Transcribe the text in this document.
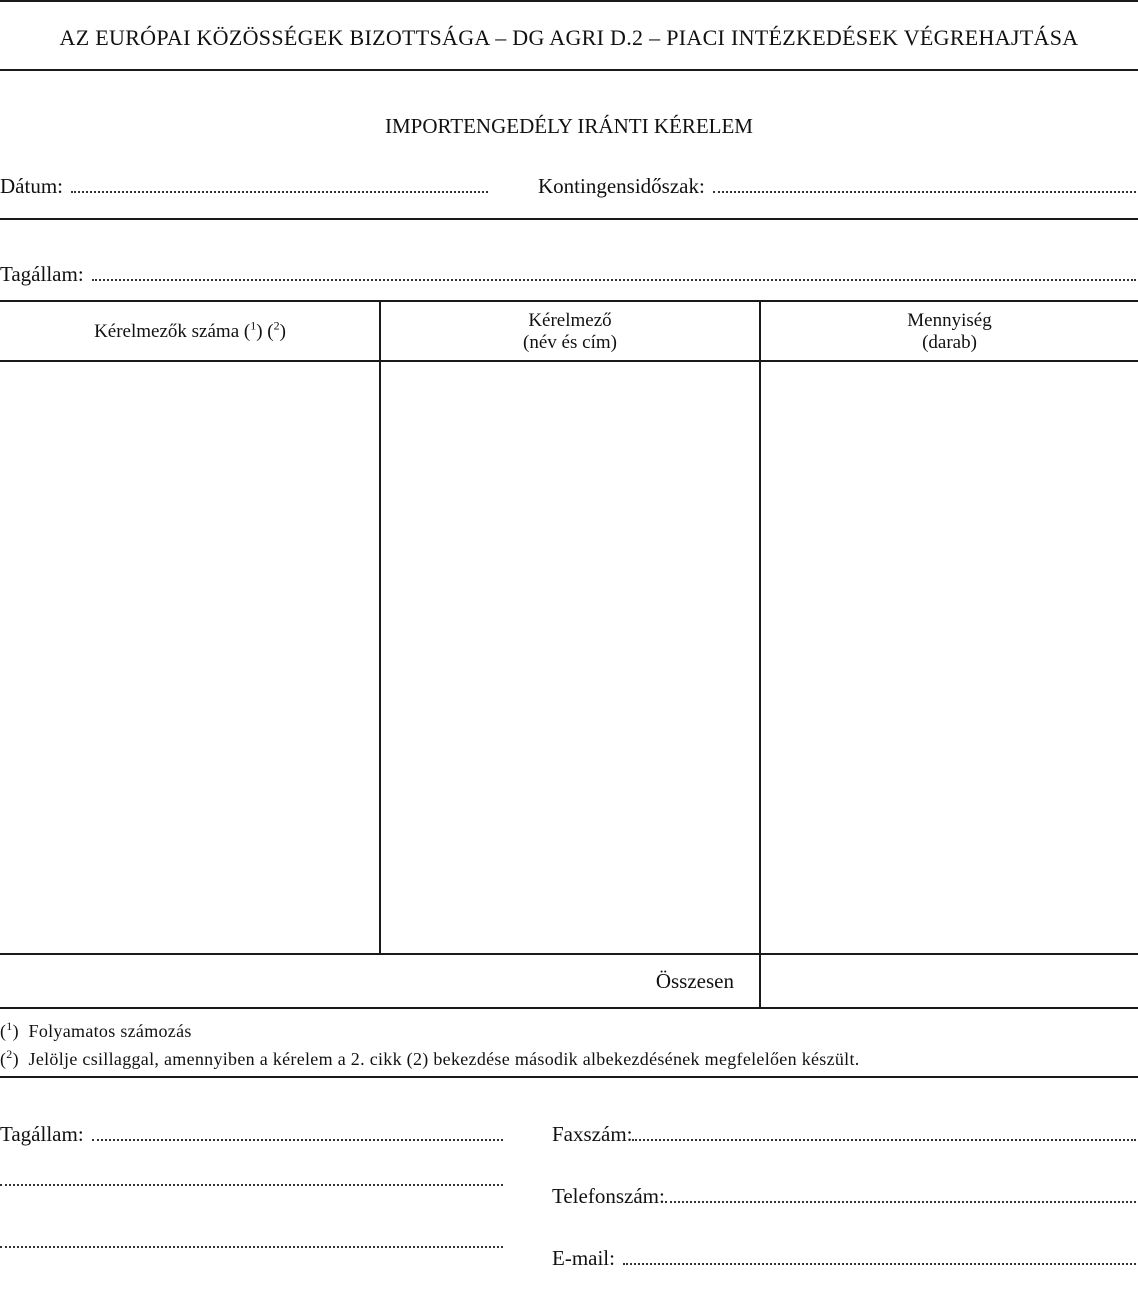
AZ EURÓPAI KÖZÖSSÉGEK BIZOTTSÁGA – DG AGRI D.2 – PIACI INTÉZKEDÉSEK VÉGREHAJTÁSA
IMPORTENGEDÉLY IRÁNTI KÉRELEM
Dátum:	Kontingensidőszak:
Tagállam:
Kérelmezők száma ($^1$) ($^2$)
Kérelmező
(név és cím)
Mennyiség
(darab)
Összesen
($^1$)  Folyamatos számozás
($^2$)  Jelölje csillaggal, amennyiben a kérelem a 2. cikk (2) bekezdése második albekezdésének megfelelően készült.
Tagállam:	Faxszám:
Telefonszám:
E-mail:
